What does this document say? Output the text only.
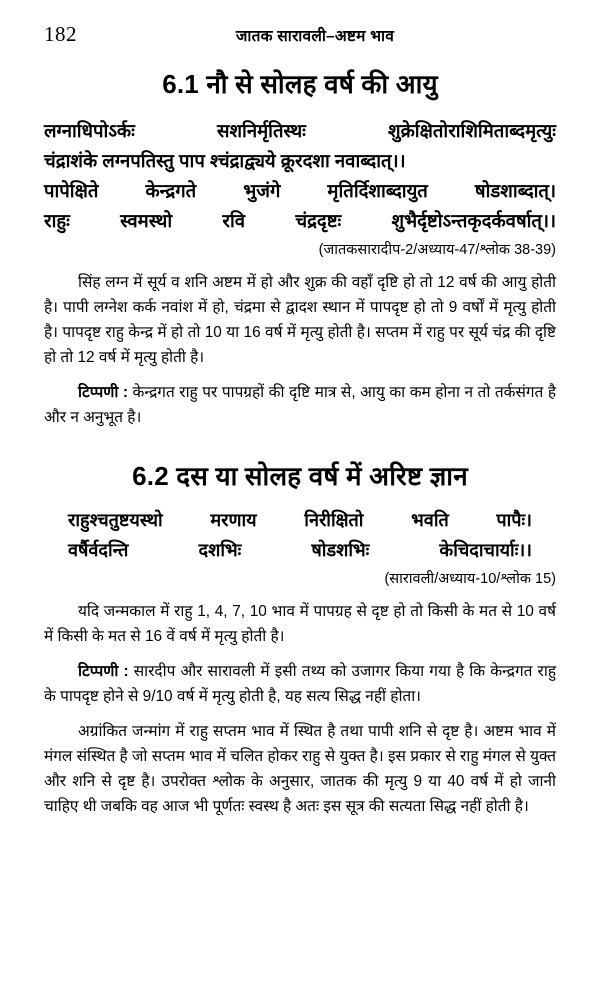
182	जातक सारावली–अष्टम भाव
6.1 नौ से सोलह वर्ष की आयु

लग्नाधिपोऽर्कः सशनिर्मृतिस्थः शुक्रेक्षितोराशिमिताब्दमृत्युः

चंद्राशंके लग्नपतिस्तु पाप श्चंद्राद्व्यये क्रूरदशा नवाब्दात्।।

पापेक्षिते केन्द्रगते भुजंगे मृतिर्दिशाब्दायुत षोडशाब्दात्।

राहुः स्वमस्थो रवि चंद्रदृष्टः शुभैर्दृष्टोऽन्तकृदर्कवर्षात्।।

(जातकसारादीप-2/अध्याय-47/श्लोक 38-39)

सिंह लग्न में सूर्य व शनि अष्टम में हो और शुक्र की वहाँ दृष्टि हो तो 12 वर्ष की आयु होती है। पापी लग्नेश कर्क नवांश में हो, चंद्रमा से द्वादश स्थान में पापदृष्ट हो तो 9 वर्षों में मृत्यु होती है। पापदृष्ट राहु केन्द्र में हो तो 10 या 16 वर्ष में मृत्यु होती है। सप्तम में राहु पर सूर्य चंद्र की दृष्टि हो तो 12 वर्ष में मृत्यु होती है।

टिप्पणी : केन्द्रगत राहु पर पापग्रहों की दृष्टि मात्र से, आयु का कम होना न तो तर्कसंगत है और न अनुभूत है।

6.2 दस या सोलह वर्ष में अरिष्ट ज्ञान

राहुश्चतुष्टयस्थो मरणाय निरीक्षितो भवति पापैः।

वर्षैर्वदन्ति दशभिः षोडशभिः केचिदाचार्याः।।

(सारावली/अध्याय-10/श्लोक 15)

यदि जन्मकाल में राहु 1, 4, 7, 10 भाव में पापग्रह से दृष्ट हो तो किसी के मत से 10 वर्ष में किसी के मत से 16 वें वर्ष में मृत्यु होती है।

टिप्पणी : सारदीप और सारावली में इसी तथ्य को उजागर किया गया है कि केन्द्रगत राहु के पापदृष्ट होने से 9/10 वर्ष में मृत्यु होती है, यह सत्य सिद्ध नहीं होता।

अग्रांकित जन्मांग में राहु सप्तम भाव में स्थित है तथा पापी शनि से दृष्ट है। अष्टम भाव में मंगल संस्थित है जो सप्तम भाव में चलित होकर राहु से युक्त है। इस प्रकार से राहु मंगल से युक्त और शनि से दृष्ट है। उपरोक्त श्लोक के अनुसार, जातक की मृत्यु 9 या 40 वर्ष में हो जानी चाहिए थी जबकि वह आज भी पूर्णतः स्वस्थ है अतः इस सूत्र की सत्यता सिद्ध नहीं होती है।
